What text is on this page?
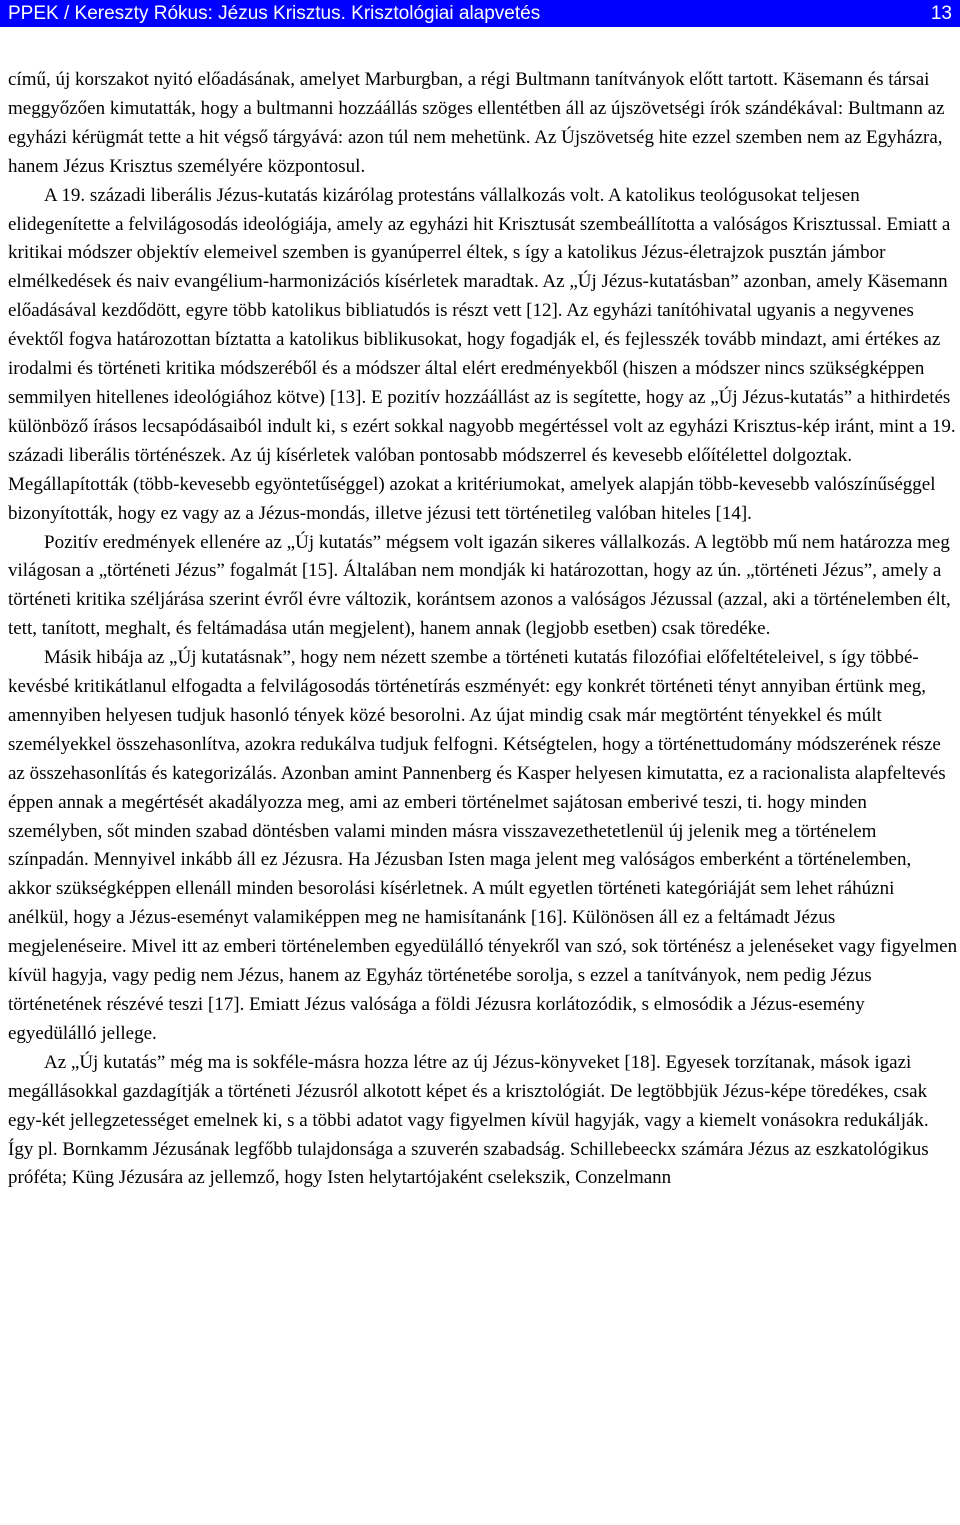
PPEK / Kereszty Rókus: Jézus Krisztus. Krisztológiai alapvetés	13

című, új korszakot nyitó előadásának, amelyet Marburgban, a régi Bultmann tanítványok előtt tartott. Käsemann és társai meggyőzően kimutatták, hogy a bultmanni hozzáállás szöges ellentétben áll az újszövetségi írók szándékával: Bultmann az egyházi kérügmát tette a hit végső tárgyává: azon túl nem mehetünk. Az Újszövetség hite ezzel szemben nem az Egyházra, hanem Jézus Krisztus személyére központosul.

A 19. századi liberális Jézus-kutatás kizárólag protestáns vállalkozás volt. A katolikus teológusokat teljesen elidegenítette a felvilágosodás ideológiája, amely az egyházi hit Krisztusát szembeállította a valóságos Krisztussal. Emiatt a kritikai módszer objektív elemeivel szemben is gyanúperrel éltek, s így a katolikus Jézus-életrajzok pusztán jámbor elmélkedések és naiv evangélium-harmonizációs kísérletek maradtak. Az „Új Jézus-kutatásban” azonban, amely Käsemann előadásával kezdődött, egyre több katolikus bibliatudós is részt vett [12]. Az egyházi tanítóhivatal ugyanis a negyvenes évektől fogva határozottan bíztatta a katolikus biblikusokat, hogy fogadják el, és fejlesszék tovább mindazt, ami értékes az irodalmi és történeti kritika módszeréből és a módszer által elért eredményekből (hiszen a módszer nincs szükségképpen semmilyen hitellenes ideológiához kötve) [13]. E pozitív hozzáállást az is segítette, hogy az „Új Jézus-kutatás” a hithirdetés különböző írásos lecsapódásaiból indult ki, s ezért sokkal nagyobb megértéssel volt az egyházi Krisztus-kép iránt, mint a 19. századi liberális történészek. Az új kísérletek valóban pontosabb módszerrel és kevesebb előítélettel dolgoztak. Megállapították (több-kevesebb egyöntetűséggel) azokat a kritériumokat, amelyek alapján több-kevesebb valószínűséggel bizonyították, hogy ez vagy az a Jézus-mondás, illetve jézusi tett történetileg valóban hiteles [14].

Pozitív eredmények ellenére az „Új kutatás” mégsem volt igazán sikeres vállalkozás. A legtöbb mű nem határozza meg világosan a „történeti Jézus” fogalmát [15]. Általában nem mondják ki határozottan, hogy az ún. „történeti Jézus”, amely a történeti kritika széljárása szerint évről évre változik, korántsem azonos a valóságos Jézussal (azzal, aki a történelemben élt, tett, tanított, meghalt, és feltámadása után megjelent), hanem annak (legjobb esetben) csak töredéke.

Másik hibája az „Új kutatásnak”, hogy nem nézett szembe a történeti kutatás filozófiai előfeltételeivel, s így többé-kevésbé kritikátlanul elfogadta a felvilágosodás történetírás eszményét: egy konkrét történeti tényt annyiban értünk meg, amennyiben helyesen tudjuk hasonló tények közé besorolni. Az újat mindig csak már megtörtént tényekkel és múlt személyekkel összehasonlítva, azokra redukálva tudjuk felfogni. Kétségtelen, hogy a történettudomány módszerének része az összehasonlítás és kategorizálás. Azonban amint Pannenberg és Kasper helyesen kimutatta, ez a racionalista alapfeltevés éppen annak a megértését akadályozza meg, ami az emberi történelmet sajátosan emberivé teszi, ti. hogy minden személyben, sőt minden szabad döntésben valami minden másra visszavezethetetlenül új jelenik meg a történelem színpadán. Mennyivel inkább áll ez Jézusra. Ha Jézusban Isten maga jelent meg valóságos emberként a történelemben, akkor szükségképpen ellenáll minden besorolási kísérletnek. A múlt egyetlen történeti kategóriáját sem lehet ráhúzni anélkül, hogy a Jézus-eseményt valamiképpen meg ne hamisítanánk [16]. Különösen áll ez a feltámadt Jézus megjelenéseire. Mivel itt az emberi történelemben egyedülálló tényekről van szó, sok történész a jelenéseket vagy figyelmen kívül hagyja, vagy pedig nem Jézus, hanem az Egyház történetébe sorolja, s ezzel a tanítványok, nem pedig Jézus történetének részévé teszi [17]. Emiatt Jézus valósága a földi Jézusra korlátozódik, s elmosódik a Jézus-esemény egyedülálló jellege.

Az „Új kutatás” még ma is sokféle-másra hozza létre az új Jézus-könyveket [18]. Egyesek torzítanak, mások igazi megállásokkal gazdagítják a történeti Jézusról alkotott képet és a krisztológiát. De legtöbbjük Jézus-képe töredékes, csak egy-két jellegzetességet emelnek ki, s a többi adatot vagy figyelmen kívül hagyják, vagy a kiemelt vonásokra redukálják. Így pl. Bornkamm Jézusának legfőbb tulajdonsága a szuverén szabadság. Schillebeeckx számára Jézus az eszkatológikus próféta; Küng Jézusára az jellemző, hogy Isten helytartójaként cselekszik, Conzelmann
